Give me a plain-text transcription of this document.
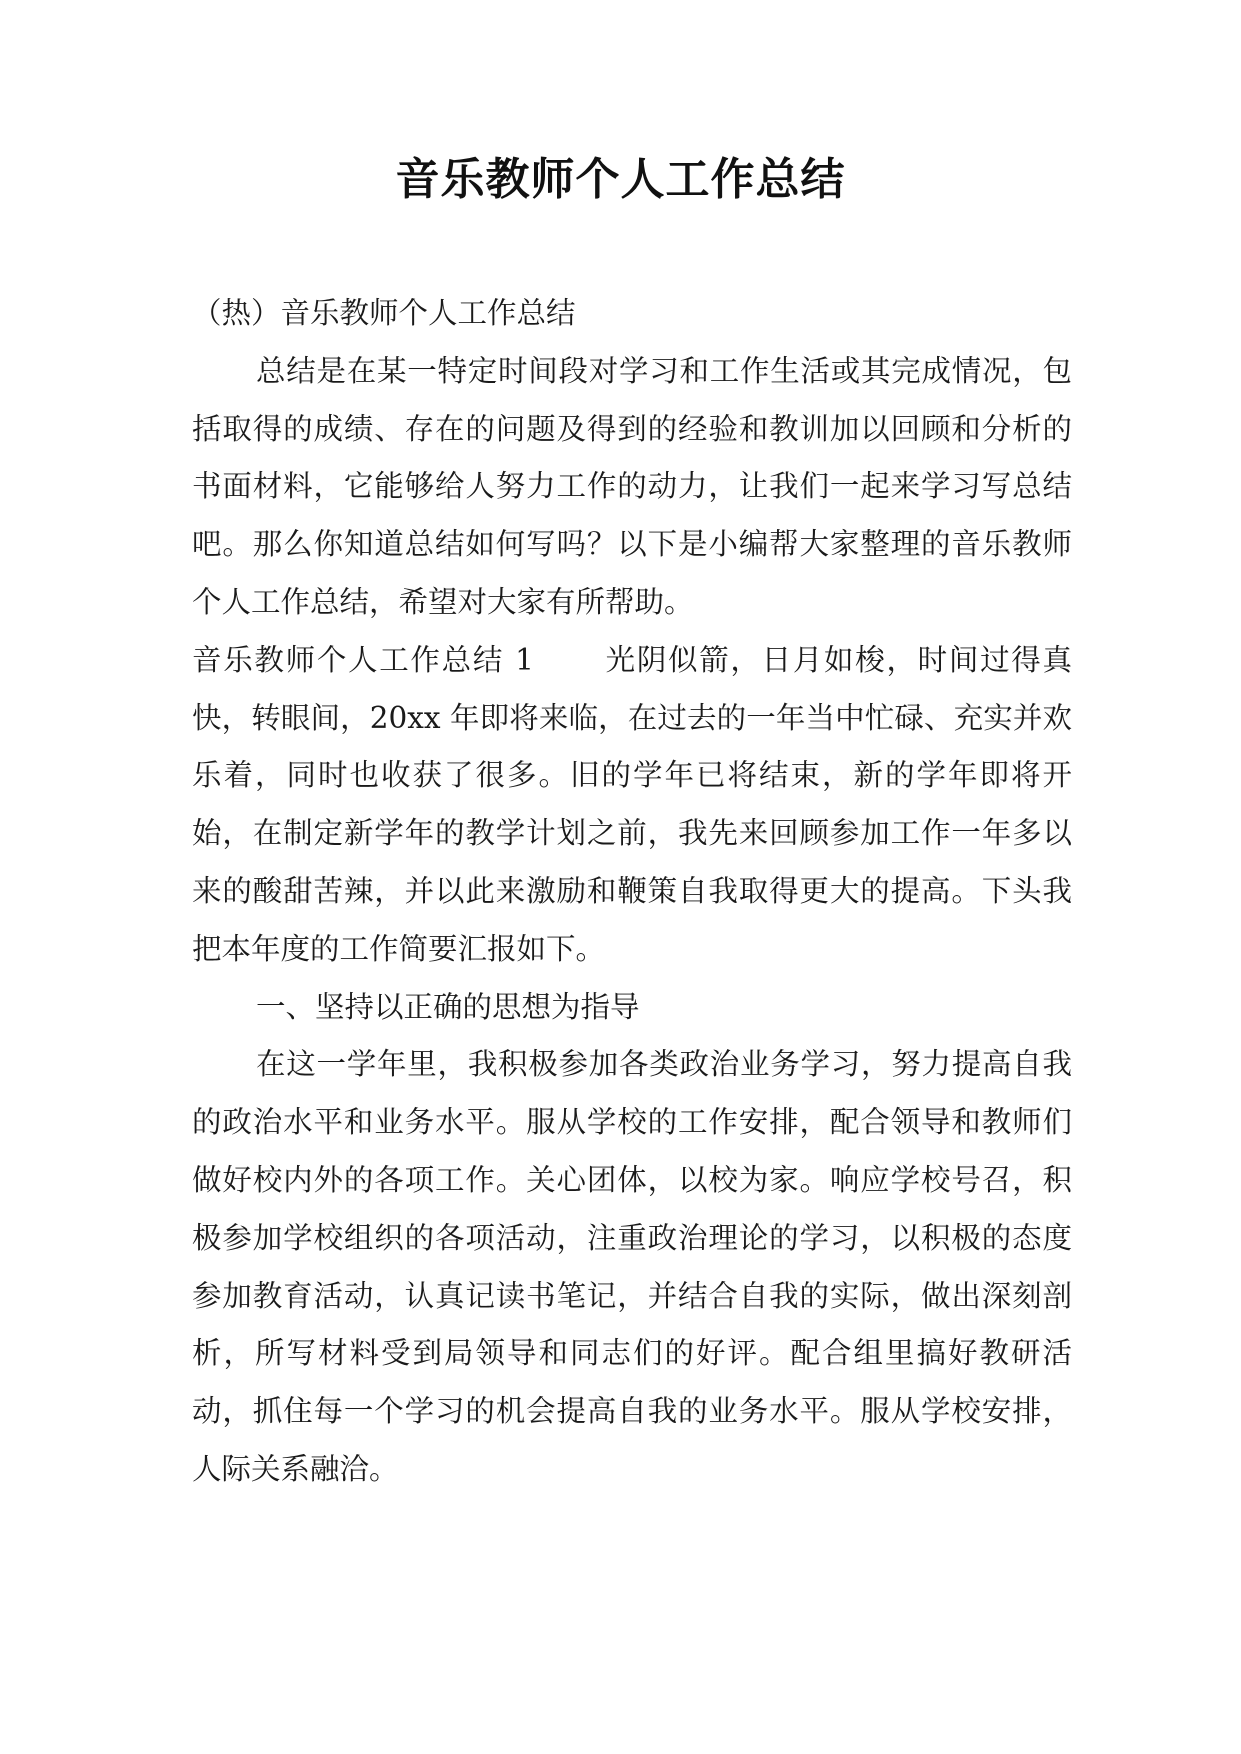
音乐教师个人工作总结

（热）音乐教师个人工作总结

总结是在某一特定时间段对学习和工作生活或其完成情况，包括取得的成绩、存在的问题及得到的经验和教训加以回顾和分析的书面材料，它能够给人努力工作的动力，让我们一起来学习写总结吧。那么你知道总结如何写吗？以下是小编帮大家整理的音乐教师个人工作总结，希望对大家有所帮助。

音乐教师个人工作总结 1 光阴似箭，日月如梭，时间过得真快，转眼间，20xx 年即将来临，在过去的一年当中忙碌、充实并欢乐着，同时也收获了很多。旧的学年已将结束，新的学年即将开始，在制定新学年的教学计划之前，我先来回顾参加工作一年多以来的酸甜苦辣，并以此来激励和鞭策自我取得更大的提高。下头我把本年度的工作简要汇报如下。

一、坚持以正确的思想为指导

在这一学年里，我积极参加各类政治业务学习，努力提高自我的政治水平和业务水平。服从学校的工作安排，配合领导和教师们做好校内外的各项工作。关心团体，以校为家。响应学校号召，积极参加学校组织的各项活动，注重政治理论的学习，以积极的态度参加教育活动，认真记读书笔记，并结合自我的实际，做出深刻剖析，所写材料受到局领导和同志们的好评。配合组里搞好教研活动，抓住每一个学习的机会提高自我的业务水平。服从学校安排，人际关系融洽。
